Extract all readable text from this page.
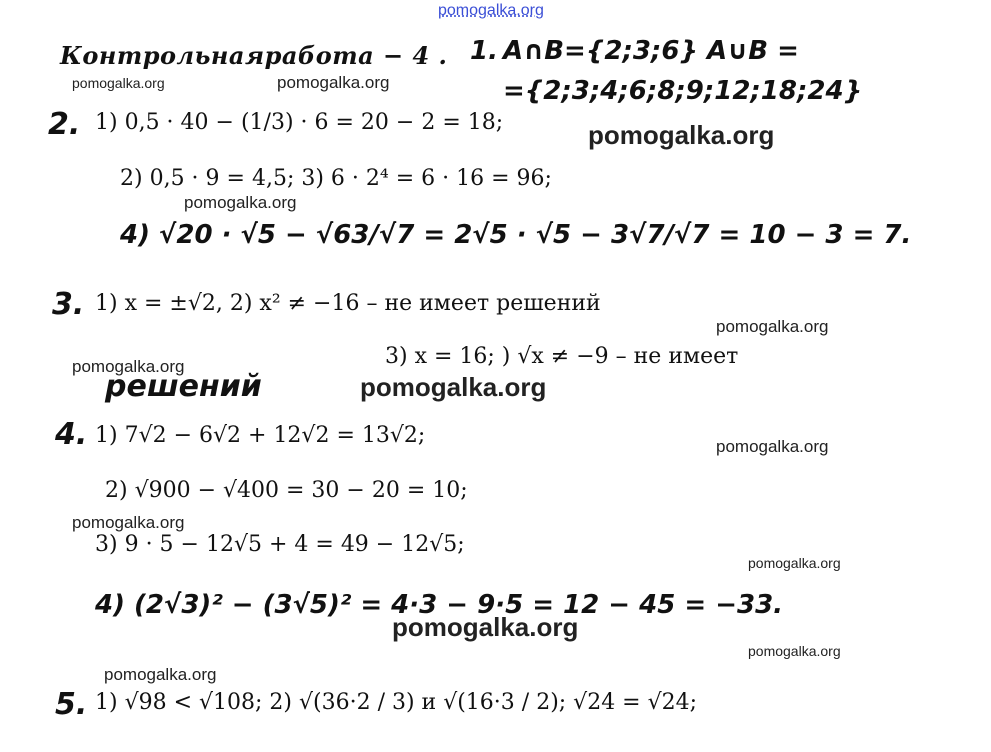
pomogalka.org
Контрольнаяработа − 4 . 1. A∩B={2;3;6} A∪B =
={2;3;4;6;8;9;12;18;24}
2. 1) 0,5 · 40 − (1/3) · 6 = 20 − 2 = 18;
2) 0,5 · 9 = 4,5; 3) 6 · 2⁴ = 6 · 16 = 96;
4) √20 · √5 − √63/√7 = 2√5 · √5 − 3√7/√7 = 10 − 3 = 7.
3. 1) x = ±√2, 2) x² ≠ −16 – не имеет решений
3) x = 16; ) √x ≠ −9 – не имеет
решений
4. 1) 7√2 − 6√2 + 12√2 = 13√2;
2) √900 − √400 = 30 − 20 = 10;
3) 9 · 5 − 12√5 + 4 = 49 − 12√5;
4) (2√3)² − (3√5)² = 4·3 − 9·5 = 12 − 45 = −33.
5. 1) √98 < √108; 2) √(36·2 / 3) и √(16·3 / 2); √24 = √24;
pomogalka.org	pomogalka.org
pomogalka.org
pomogalka.org
pomogalka.org
pomogalka.org
pomogalka.org
pomogalka.org
pomogalka.org
pomogalka.org
pomogalka.org
pomogalka.org
pomogalka.org
